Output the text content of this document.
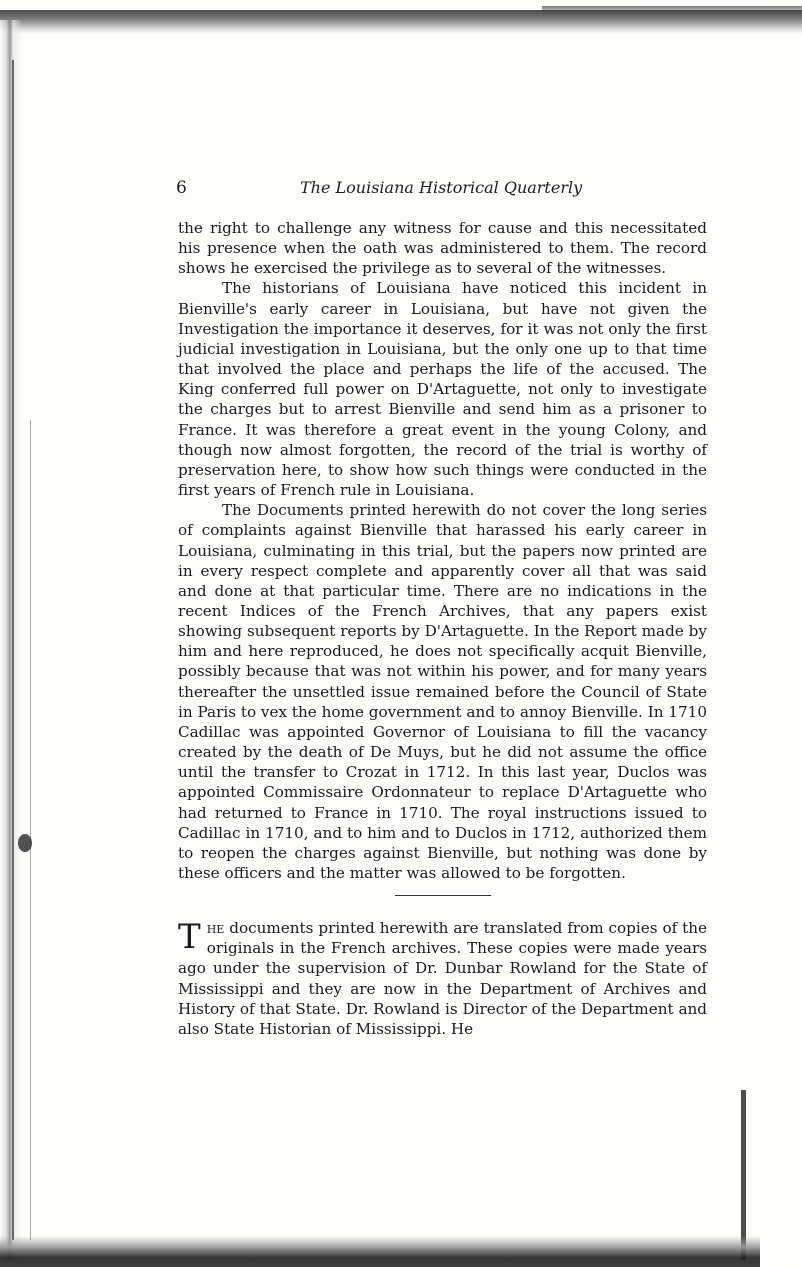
6	The Louisiana Historical Quarterly

the right to challenge any witness for cause and this necessitated his presence when the oath was administered to them. The record shows he exercised the privilege as to several of the witnesses.

The historians of Louisiana have noticed this incident in Bienville's early career in Louisiana, but have not given the Investigation the importance it deserves, for it was not only the first judicial investigation in Louisiana, but the only one up to that time that involved the place and perhaps the life of the accused. The King conferred full power on D'Artaguette, not only to investigate the charges but to arrest Bienville and send him as a prisoner to France. It was therefore a great event in the young Colony, and though now almost forgotten, the record of the trial is worthy of preservation here, to show how such things were conducted in the first years of French rule in Louisiana.

The Documents printed herewith do not cover the long series of complaints against Bienville that harassed his early career in Louisiana, culminating in this trial, but the papers now printed are in every respect complete and apparently cover all that was said and done at that particular time. There are no indications in the recent Indices of the French Archives, that any papers exist showing subsequent reports by D'Artaguette. In the Report made by him and here reproduced, he does not specifically acquit Bienville, possibly because that was not within his power, and for many years thereafter the unsettled issue remained before the Council of State in Paris to vex the home government and to annoy Bienville. In 1710 Cadillac was appointed Governor of Louisiana to fill the vacancy created by the death of De Muys, but he did not assume the office until the transfer to Crozat in 1712. In this last year, Duclos was appointed Commissaire Ordonnateur to replace D'Artaguette who had returned to France in 1710. The royal instructions issued to Cadillac in 1710, and to him and to Duclos in 1712, authorized them to reopen the charges against Bienville, but nothing was done by these officers and the matter was allowed to be forgotten.

The documents printed herewith are translated from copies of the originals in the French archives. These copies were made years ago under the supervision of Dr. Dunbar Rowland for the State of Mississippi and they are now in the Department of Archives and History of that State. Dr. Rowland is Director of the Department and also State Historian of Mississippi. He
